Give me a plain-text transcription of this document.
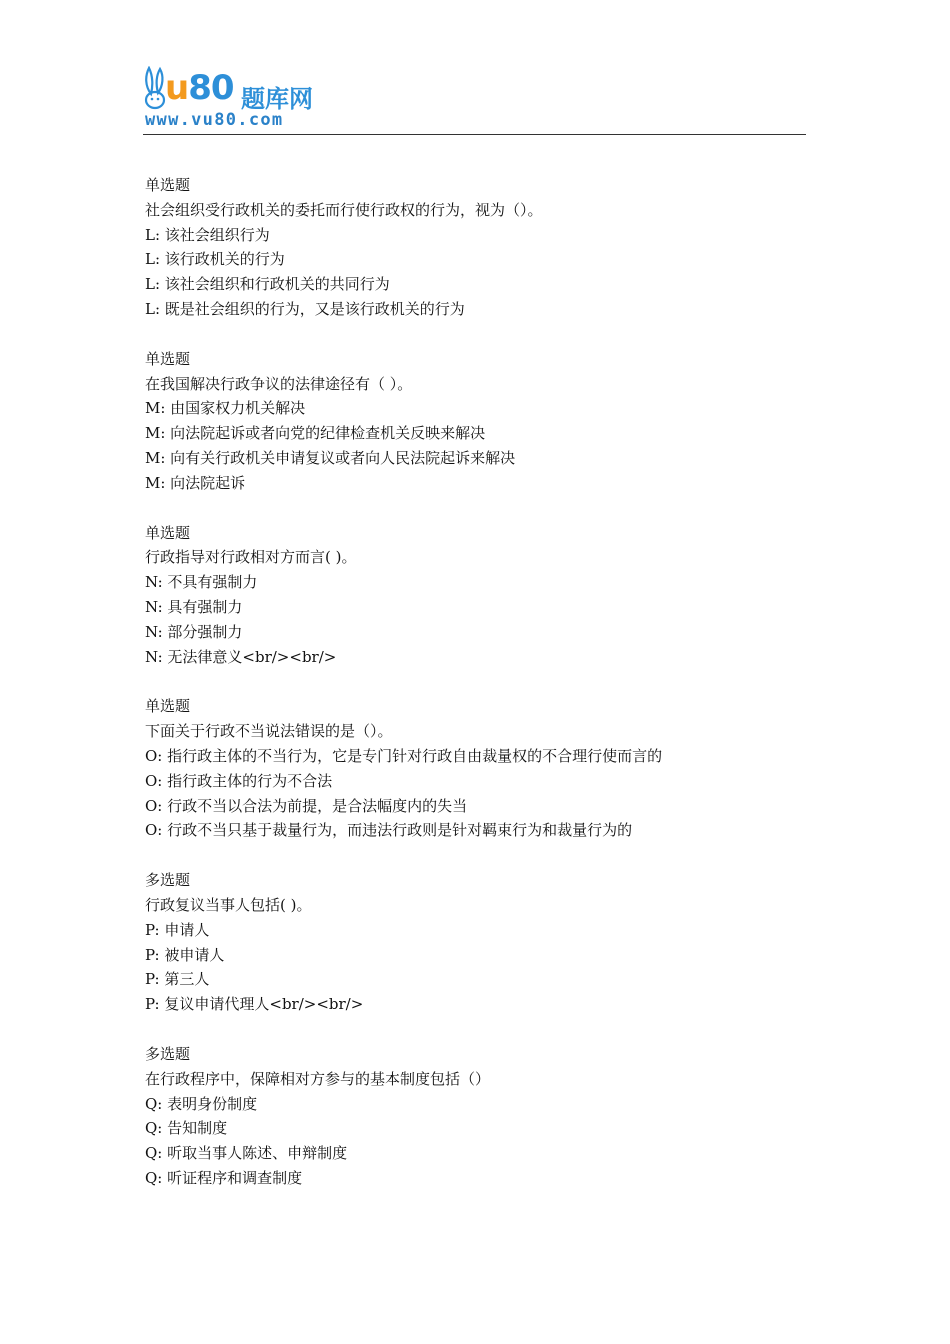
u80 题库网
www.vu80.com
单选题
社会组织受行政机关的委托而行使行政权的行为，视为（）。
L: 该社会组织行为
L: 该行政机关的行为
L: 该社会组织和行政机关的共同行为
L: 既是社会组织的行为，又是该行政机关的行为
单选题
在我国解决行政争议的法律途径有（ ）。
M: 由国家权力机关解决
M: 向法院起诉或者向党的纪律检查机关反映来解决
M: 向有关行政机关申请复议或者向人民法院起诉来解决
M: 向法院起诉
单选题
行政指导对行政相对方而言( )。
N: 不具有强制力
N: 具有强制力
N: 部分强制力
N: 无法律意义<br/><br/>
单选题
下面关于行政不当说法错误的是（）。
O: 指行政主体的不当行为，它是专门针对行政自由裁量权的不合理行使而言的
O: 指行政主体的行为不合法
O: 行政不当以合法为前提，是合法幅度内的失当
O: 行政不当只基于裁量行为，而违法行政则是针对羁束行为和裁量行为的
多选题
行政复议当事人包括( )。
P: 申请人
P: 被申请人
P: 第三人
P: 复议申请代理人<br/><br/>
多选题
在行政程序中，保障相对方参与的基本制度包括（）
Q: 表明身份制度
Q: 告知制度
Q: 听取当事人陈述、申辩制度
Q: 听证程序和调查制度
